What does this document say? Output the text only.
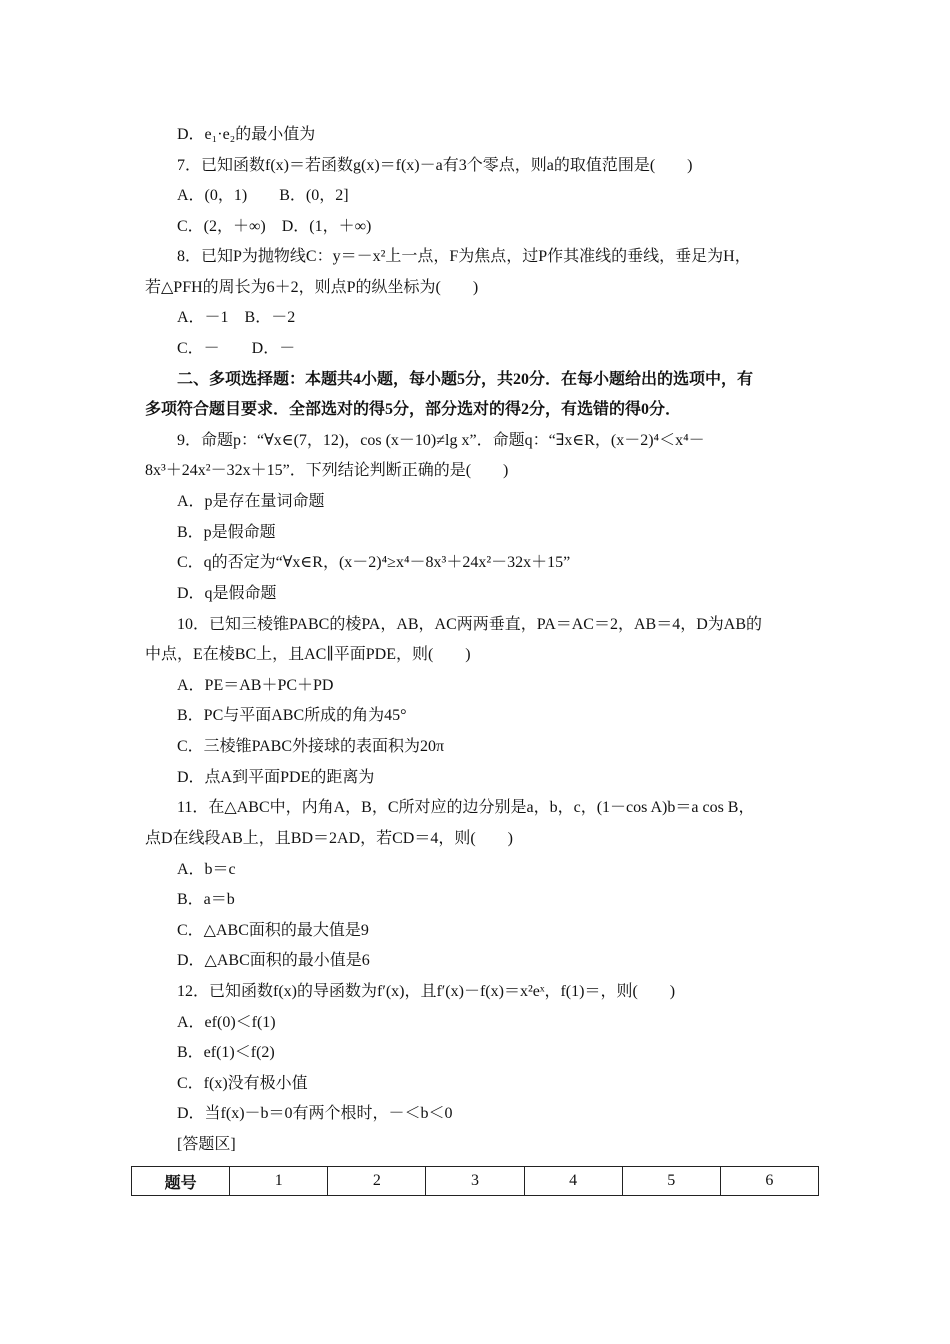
D．e₁·e₂的最小值为
7．已知函数f(x)＝若函数g(x)＝f(x)－a有3个零点，则a的取值范围是(　　)
A．(0，1)　　B．(0，2]
C．(2，＋∞)　D．(1，＋∞)
8．已知P为抛物线C：y＝－x²上一点，F为焦点，过P作其准线的垂线，垂足为H，
若△PFH的周长为6＋2，则点P的纵坐标为(　　)
A．－1　B．－2
C．－　　D．－
二、多项选择题：本题共4小题，每小题5分，共20分．在每小题给出的选项中，有
多项符合题目要求．全部选对的得5分，部分选对的得2分，有选错的得0分．
9．命题p：“∀x∈(7，12)，cos (x－10)≠lg x”．命题q：“∃x∈R，(x－2)⁴＜x⁴－
8x³＋24x²－32x＋15”．下列结论判断正确的是(　　)
A．p是存在量词命题
B．p是假命题
C．q的否定为“∀x∈R，(x－2)⁴≥x⁴－8x³＋24x²－32x＋15”
D．q是假命题
10．已知三棱锥PABC的棱PA，AB，AC两两垂直，PA＝AC＝2，AB＝4，D为AB的
中点，E在棱BC上，且AC∥平面PDE，则(　　)
A．PE＝AB＋PC＋PD
B．PC与平面ABC所成的角为45°
C．三棱锥PABC外接球的表面积为20π
D．点A到平面PDE的距离为
11．在△ABC中，内角A，B，C所对应的边分别是a，b，c，(1－cos A)b＝a cos B，
点D在线段AB上，且BD＝2AD，若CD＝4，则(　　)
A．b＝c
B．a＝b
C．△ABC面积的最大值是9
D．△ABC面积的最小值是6
12．已知函数f(x)的导函数为f′(x)，且f′(x)－f(x)＝x²eˣ，f(1)＝，则(　　)
A．ef(0)＜f(1)
B．ef(1)＜f(2)
C．f(x)没有极小值
D．当f(x)－b＝0有两个根时，－＜b＜0
[答题区]
题号	1	2	3	4	5	6
